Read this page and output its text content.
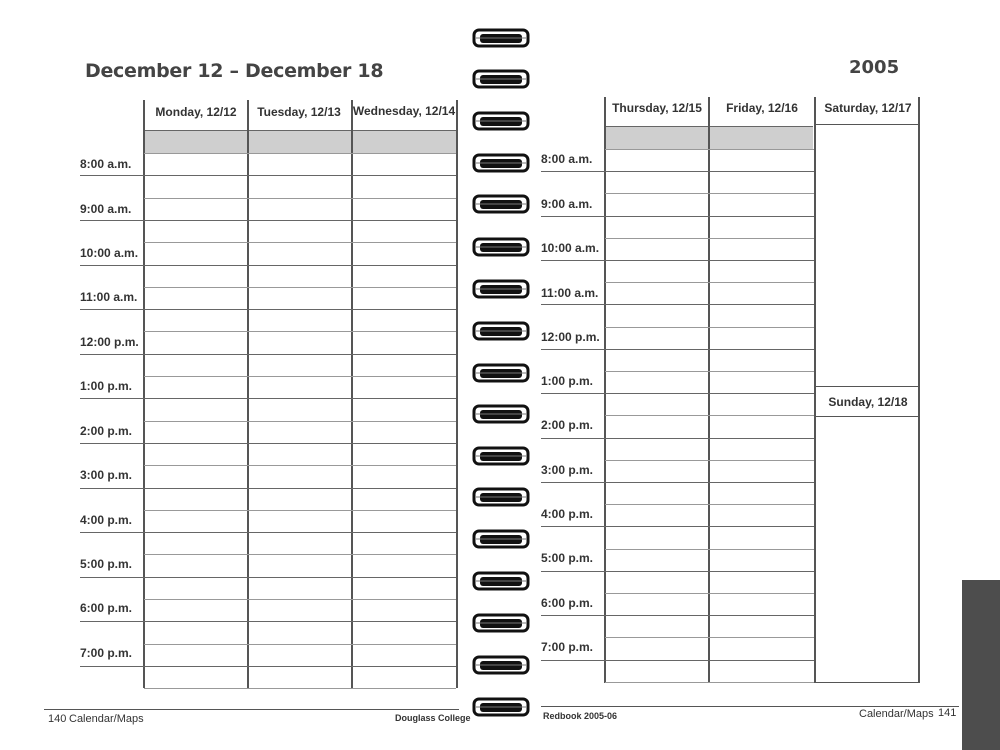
December 12 – December 18
Monday, 12/12	Tuesday, 12/13	Wednesday, 12/14
8:00 a.m.
9:00 a.m.
10:00 a.m.
11:00 a.m.
12:00 p.m.
1:00 p.m.
2:00 p.m.
3:00 p.m.
4:00 p.m.
5:00 p.m.
6:00 p.m.
7:00 p.m.
140 Calendar/Maps	Douglass College
2005
Thursday, 12/15	Friday, 12/16	Saturday, 12/17
Sunday, 12/18
8:00 a.m.
9:00 a.m.
10:00 a.m.
11:00 a.m.
12:00 p.m.
1:00 p.m.
2:00 p.m.
3:00 p.m.
4:00 p.m.
5:00 p.m.
6:00 p.m.
7:00 p.m.
Redbook 2005-06	Calendar/Maps 141
